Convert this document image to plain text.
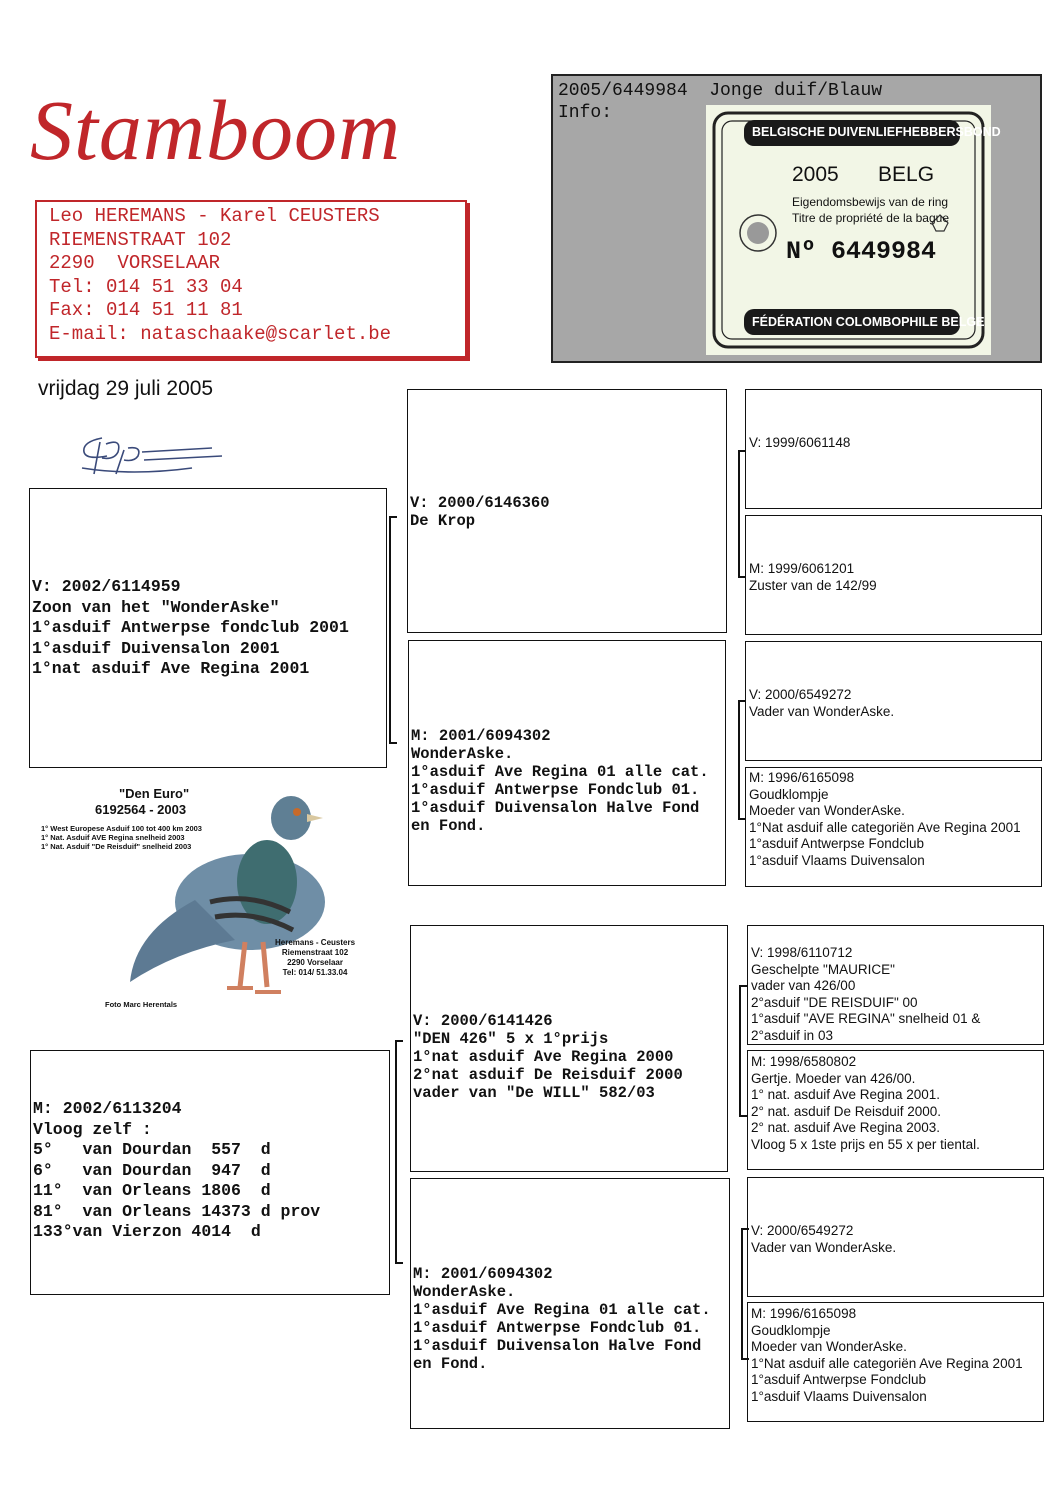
Stamboom
Leo HEREMANS - Karel CEUSTERS
RIEMENSTRAAT 102
2290  VORSELAAR
Tel: 014 51 33 04
Fax: 014 51 11 81
E-mail: nataschaake@scarlet.be
vrijdag 29 juli 2005
2005/6449984  Jonge duif/Blauw
Info:
BELGISCHE DUIVENLIEFHEBBERSBOND
2005 BELG
Eigendomsbewijs van de ring
Titre de propriété de la bague
Nº 6449984
FÉDÉRATION COLOMBOPHILE BELGE
V: 2002/6114959
Zoon van het "WonderAske"
1°asduif Antwerpse fondclub 2001
1°asduif Duivensalon 2001
1°nat asduif Ave Regina 2001
M: 2002/6113204
Vloog zelf :
5°   van Dourdan  557  d
6°   van Dourdan  947  d
11°  van Orleans 1806  d
81°  van Orleans 14373 d prov
133°van Vierzon 4014  d
"Den Euro"
6192564 - 2003
1° West Europese Asduif 100 tot 400 km 2003
1° Nat. Asduif AVE Regina snelheid 2003
1° Nat. Asduif "De Reisduif" snelheid 2003
Heremans - Ceusters
Riemenstraat 102
2290 Vorselaar
Tel: 014/ 51.33.04
Foto Marc Herentals
V: 2000/6146360
De Krop
M: 2001/6094302
WonderAske.
1°asduif Ave Regina 01 alle cat.
1°asduif Antwerpse Fondclub 01.
1°asduif Duivensalon Halve Fond
en Fond.
V: 2000/6141426
"DEN 426" 5 x 1°prijs
1°nat asduif Ave Regina 2000
2°nat asduif De Reisduif 2000
vader van "De WILL" 582/03
M: 2001/6094302
WonderAske.
1°asduif Ave Regina 01 alle cat.
1°asduif Antwerpse Fondclub 01.
1°asduif Duivensalon Halve Fond
en Fond.
V: 1999/6061148
M: 1999/6061201
Zuster van de 142/99
V: 2000/6549272
Vader van WonderAske.
M: 1996/6165098
Goudklompje
Moeder van WonderAske.
1°Nat asduif alle categoriën Ave Regina 2001
1°asduif Antwerpse Fondclub
1°asduif Vlaams Duivensalon
V: 1998/6110712
Geschelpte "MAURICE"
vader van 426/00
2°asduif "DE REISDUIF" 00
1°asduif "AVE REGINA" snelheid 01 &
2°asduif in 03
M: 1998/6580802
Gertje. Moeder van 426/00.
1° nat. asduif Ave Regina 2001.
2° nat. asduif De Reisduif 2000.
2° nat. asduif Ave Regina 2003.
Vloog 5 x 1ste prijs en 55 x per tiental.
V: 2000/6549272
Vader van WonderAske.
M: 1996/6165098
Goudklompje
Moeder van WonderAske.
1°Nat asduif alle categoriën Ave Regina 2001
1°asduif Antwerpse Fondclub
1°asduif Vlaams Duivensalon
